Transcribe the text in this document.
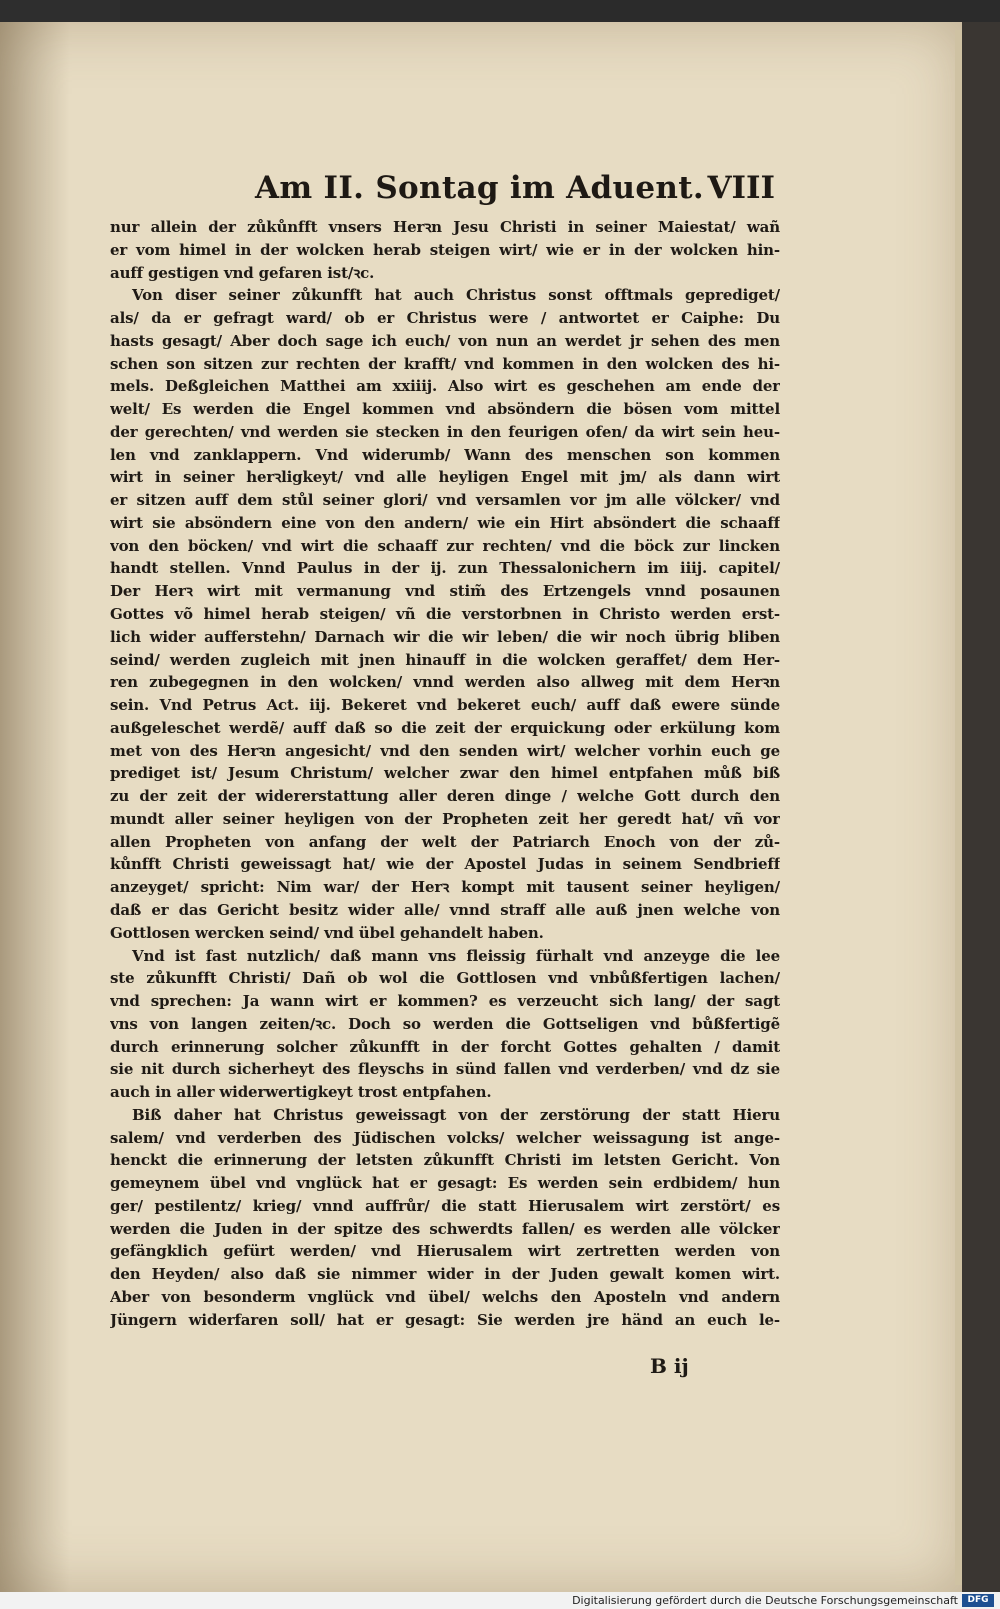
Am II. Sontag im Aduent. VIII
nur allein der zůkůnfft vnsers Herꝛn Jesu Christi in seiner Maiestat/ wañ
er vom himel in der wolcken herab steigen wirt/ wie er in der wolcken hin-
auff gestigen vnd gefaren ist/ꝛc.
Von diser seiner zůkunfft hat auch Christus sonst offtmals geprediget/
als/ da er gefragt ward/ ob er Christus were / antwortet er Caiphe: Du
hasts gesagt/ Aber doch sage ich euch/ von nun an werdet jr sehen des men
schen son sitzen zur rechten der krafft/ vnd kommen in den wolcken des hi-
mels. Deßgleichen Matthei am xxiiij. Also wirt es geschehen am ende der
welt/ Es werden die Engel kommen vnd absöndern die bösen vom mittel
der gerechten/ vnd werden sie stecken in den feurigen ofen/ da wirt sein heu-
len vnd zanklappern. Vnd widerumb/ Wann des menschen son kommen
wirt in seiner herꝛligkeyt/ vnd alle heyligen Engel mit jm/ als dann wirt
er sitzen auff dem stůl seiner glori/ vnd versamlen vor jm alle völcker/ vnd
wirt sie absöndern eine von den andern/ wie ein Hirt absöndert die schaaff
von den böcken/ vnd wirt die schaaff zur rechten/ vnd die böck zur lincken
handt stellen. Vnnd Paulus in der ij. zun Thessalonichern im iiij. capitel/
Der Herꝛ wirt mit vermanung vnd stim̃ des Ertzengels vnnd posaunen
Gottes võ himel herab steigen/ vñ die verstorbnen in Christo werden erst-
lich wider aufferstehn/ Darnach wir die wir leben/ die wir noch übrig bliben
seind/ werden zugleich mit jnen hinauff in die wolcken geraffet/ dem Her-
ren zubegegnen in den wolcken/ vnnd werden also allweg mit dem Herꝛn
sein. Vnd Petrus Act. iij. Bekeret vnd bekeret euch/ auff daß ewere sünde
außgeleschet werdẽ/ auff daß so die zeit der erquickung oder erkülung kom
met von des Herꝛn angesicht/ vnd den senden wirt/ welcher vorhin euch ge
prediget ist/ Jesum Christum/ welcher zwar den himel entpfahen můß biß
zu der zeit der widererstattung aller deren dinge / welche Gott durch den
mundt aller seiner heyligen von der Propheten zeit her geredt hat/ vñ vor
allen Propheten von anfang der welt der Patriarch Enoch von der zů-
kůnfft Christi geweissagt hat/ wie der Apostel Judas in seinem Sendbrieff
anzeyget/ spricht: Nim war/ der Herꝛ kompt mit tausent seiner heyligen/
daß er das Gericht besitz wider alle/ vnnd straff alle auß jnen welche von
Gottlosen wercken seind/ vnd übel gehandelt haben.
Vnd ist fast nutzlich/ daß mann vns fleissig fürhalt vnd anzeyge die lee
ste zůkunfft Christi/ Dañ ob wol die Gottlosen vnd vnbůßfertigen lachen/
vnd sprechen: Ja wann wirt er kommen? es verzeucht sich lang/ der sagt
vns von langen zeiten/ꝛc. Doch so werden die Gottseligen vnd bůßfertigẽ
durch erinnerung solcher zůkunfft in der forcht Gottes gehalten / damit
sie nit durch sicherheyt des fleyschs in sünd fallen vnd verderben/ vnd dz sie
auch in aller widerwertigkeyt trost entpfahen.
Biß daher hat Christus geweissagt von der zerstörung der statt Hieru
salem/ vnd verderben des Jüdischen volcks/ welcher weissagung ist ange-
henckt die erinnerung der letsten zůkunfft Christi im letsten Gericht. Von
gemeynem übel vnd vnglück hat er gesagt: Es werden sein erdbidem/ hun
ger/ pestilentz/ krieg/ vnnd auffrůr/ die statt Hierusalem wirt zerstört/ es
werden die Juden in der spitze des schwerdts fallen/ es werden alle völcker
gefängklich gefürt werden/ vnd Hierusalem wirt zertretten werden von
den Heyden/ also daß sie nimmer wider in der Juden gewalt komen wirt.
Aber von besonderm vnglück vnd übel/ welchs den Aposteln vnd andern
Jüngern widerfaren soll/ hat er gesagt: Sie werden jre händ an euch le-
B ij
Digitalisierung gefördert durch die Deutsche Forschungsgemeinschaft	DFG
